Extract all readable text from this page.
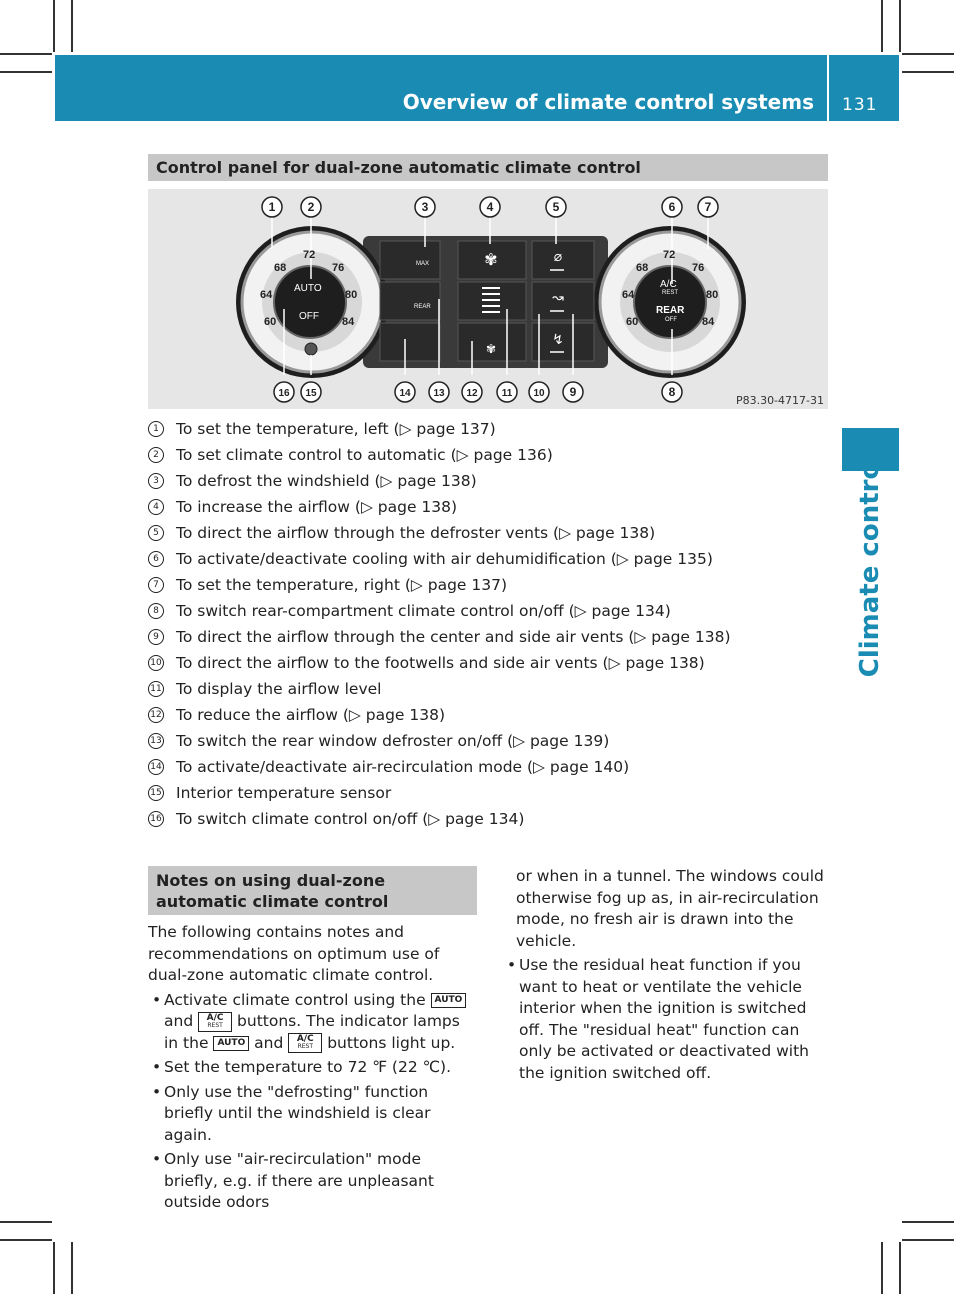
Overview of climate control systems 131
Climate control
Control panel for dual-zone automatic climate control
✾
✾
⌀
↝
↯
1	2	3	4	5	6 7
8
9
10
11
12
13
14
15
16
72
76
80
84
60
64
68
AUTO
OFF
72
76
80
84
60
64
68
A/C
REST
REAR
OFF
MAX
REAR
P83.30-4717-31
1	To set the temperature, left (▷ page 137)
2	To set climate control to automatic (▷ page 136)
3	To defrost the windshield (▷ page 138)
4	To increase the airflow (▷ page 138)
5	To direct the airflow through the defroster vents (▷ page 138)
6	To activate/deactivate cooling with air dehumidification (▷ page 135)
7	To set the temperature, right (▷ page 137)
8	To switch rear-compartment climate control on/off (▷ page 134)
9	To direct the airflow through the center and side air vents (▷ page 138)
10 To direct the airflow to the footwells and side air vents (▷ page 138)
11 To display the airflow level
12 To reduce the airflow (▷ page 138)
13 To switch the rear window defroster on/off (▷ page 139)
14 To activate/deactivate air-recirculation mode (▷ page 140)
15 Interior temperature sensor
16 To switch climate control on/off (▷ page 134)
Notes on using dual-zone automatic climate control

The following contains notes and recommendations on optimum use of dual-zone automatic climate control.

• Activate climate control using the AUTO and A/C
REST buttons. The indicator lamps in the AUTO and A/C
REST buttons light up.
• Set the temperature to 72 ℉ (22 ℃).
• Only use the "defrosting" function briefly until the windshield is clear again.
• Only use "air-recirculation" mode briefly, e.g. if there are unpleasant outside odors

or when in a tunnel. The windows could otherwise fog up as, in air-recirculation mode, no fresh air is drawn into the vehicle.

• Use the residual heat function if you want to heat or ventilate the vehicle interior when the ignition is switched off. The "residual heat" function can only be activated or deactivated with the ignition switched off.
